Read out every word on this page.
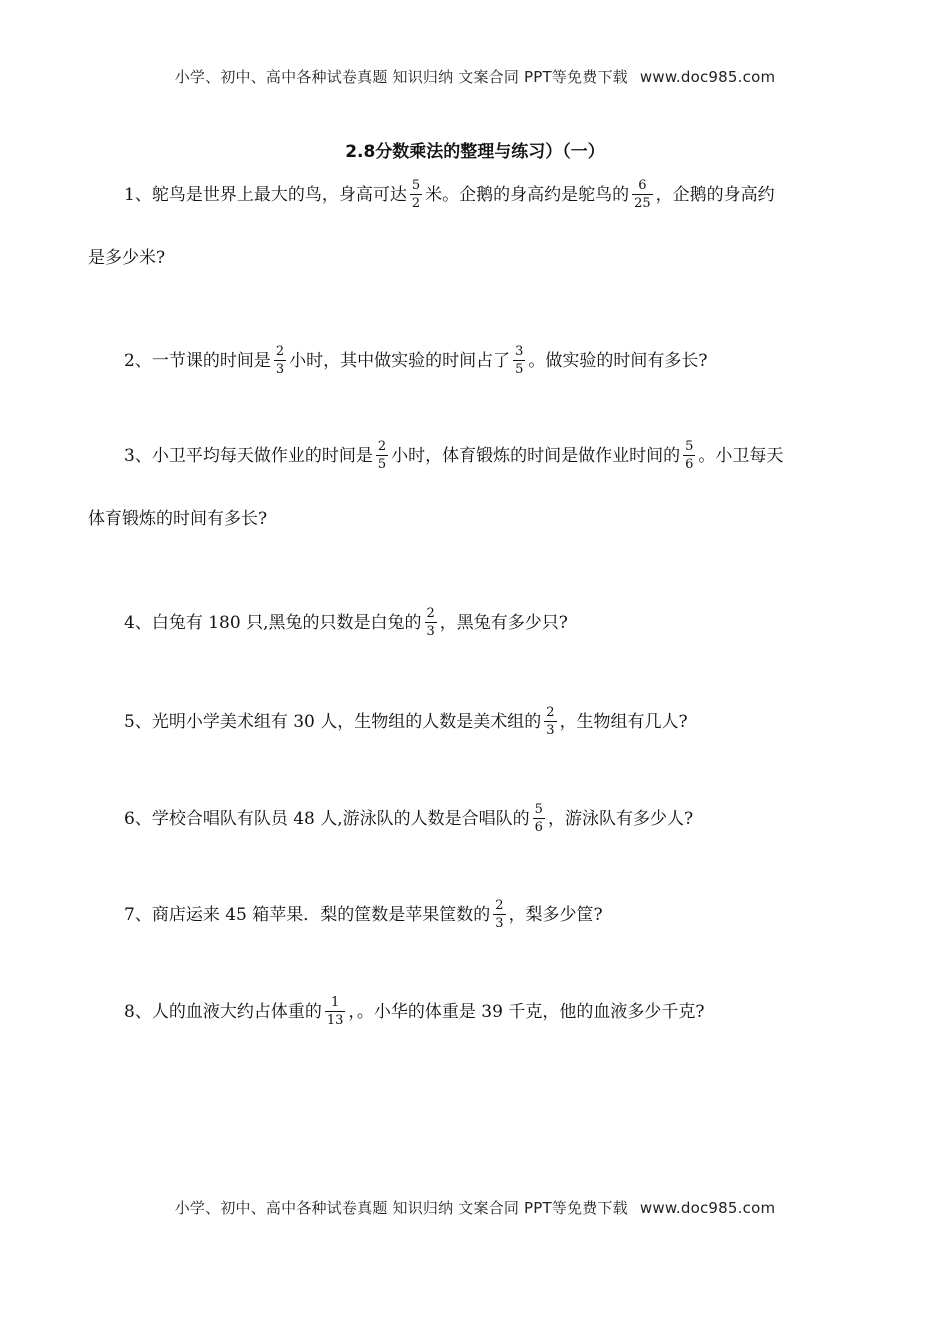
小学、初中、高中各种试卷真题 知识归纳 文案合同 PPT等免费下载 www.doc985.com
2.8分数乘法的整理与练习）（一）
1、鸵鸟是世界上最大的鸟，身高可达 $\frac{5}{2}$ 米。企鹅的身高约是鸵鸟的 $\frac{6}{25}$ ，企鹅的身高约
是多少米?
2、一节课的时间是 $\frac{2}{3}$ 小时，其中做实验的时间占了 $\frac{3}{5}$ 。做实验的时间有多长?
3、小卫平均每天做作业的时间是 $\frac{2}{5}$ 小时，体育锻炼的时间是做作业时间的 $\frac{5}{6}$ 。小卫每天
体育锻炼的时间有多长?
4、白兔有 180 只,黑兔的只数是白兔的 $\frac{2}{3}$ ，黑兔有多少只?
5、光明小学美术组有 30 人，生物组的人数是美术组的 $\frac{2}{3}$ ，生物组有几人?
6、学校合唱队有队员 48 人,游泳队的人数是合唱队的 $\frac{5}{6}$ ，游泳队有多少人?
7、商店运来 45 箱苹果．梨的筐数是苹果筐数的 $\frac{2}{3}$ ，梨多少筐?
8、人的血液大约占体重的 $\frac{1}{13}$ ，。小华的体重是 39 千克，他的血液多少千克?
小学、初中、高中各种试卷真题 知识归纳 文案合同 PPT等免费下载 www.doc985.com
